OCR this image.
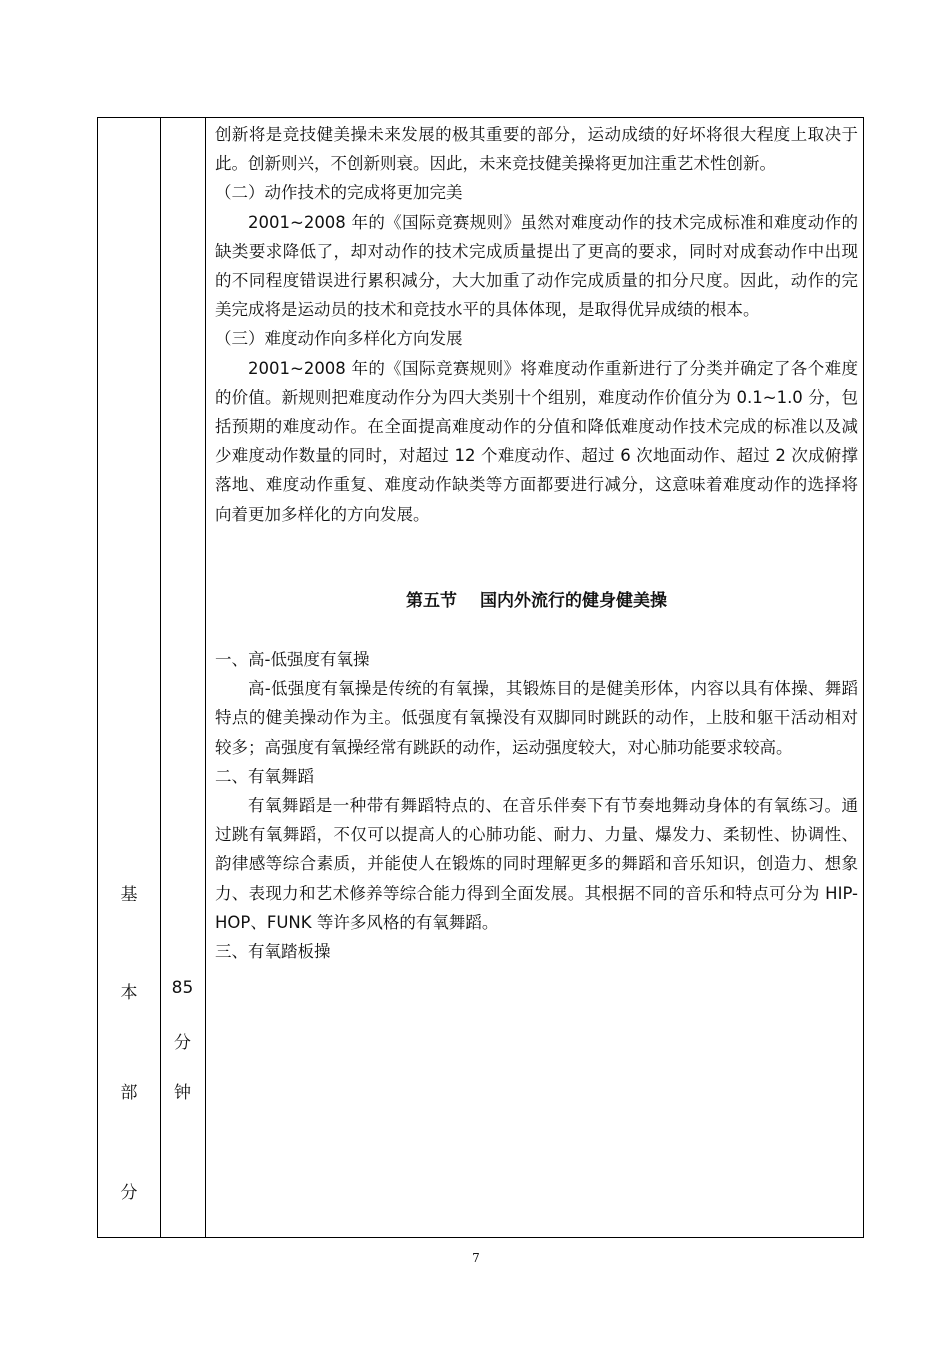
基
本
部
分
85
分
钟

创新将是竞技健美操未来发展的极其重要的部分，运动成绩的好坏将很大程度上取决于此。创新则兴，不创新则衰。因此，未来竞技健美操将更加注重艺术性创新。

（二）动作技术的完成将更加完美

2001~2008 年的《国际竞赛规则》虽然对难度动作的技术完成标准和难度动作的缺类要求降低了，却对动作的技术完成质量提出了更高的要求，同时对成套动作中出现的不同程度错误进行累积减分，大大加重了动作完成质量的扣分尺度。因此，动作的完美完成将是运动员的技术和竞技水平的具体体现，是取得优异成绩的根本。

（三）难度动作向多样化方向发展

2001~2008 年的《国际竞赛规则》将难度动作重新进行了分类并确定了各个难度的价值。新规则把难度动作分为四大类别十个组别，难度动作价值分为 0.1~1.0 分，包括预期的难度动作。在全面提高难度动作的分值和降低难度动作技术完成的标准以及减少难度动作数量的同时，对超过 12 个难度动作、超过 6 次地面动作、超过 2 次成俯撑落地、难度动作重复、难度动作缺类等方面都要进行减分，这意味着难度动作的选择将向着更加多样化的方向发展。

第五节　 国内外流行的健身健美操

一、高-低强度有氧操

高-低强度有氧操是传统的有氧操，其锻炼目的是健美形体，内容以具有体操、舞蹈特点的健美操动作为主。低强度有氧操没有双脚同时跳跃的动作，上肢和躯干活动相对较多；高强度有氧操经常有跳跃的动作，运动强度较大，对心肺功能要求较高。

二、有氧舞蹈

有氧舞蹈是一种带有舞蹈特点的、在音乐伴奏下有节奏地舞动身体的有氧练习。通过跳有氧舞蹈，不仅可以提高人的心肺功能、耐力、力量、爆发力、柔韧性、协调性、韵律感等综合素质，并能使人在锻炼的同时理解更多的舞蹈和音乐知识，创造力、想象力、表现力和艺术修养等综合能力得到全面发展。其根据不同的音乐和特点可分为 HIP-HOP、FUNK 等许多风格的有氧舞蹈。

三、有氧踏板操

7
